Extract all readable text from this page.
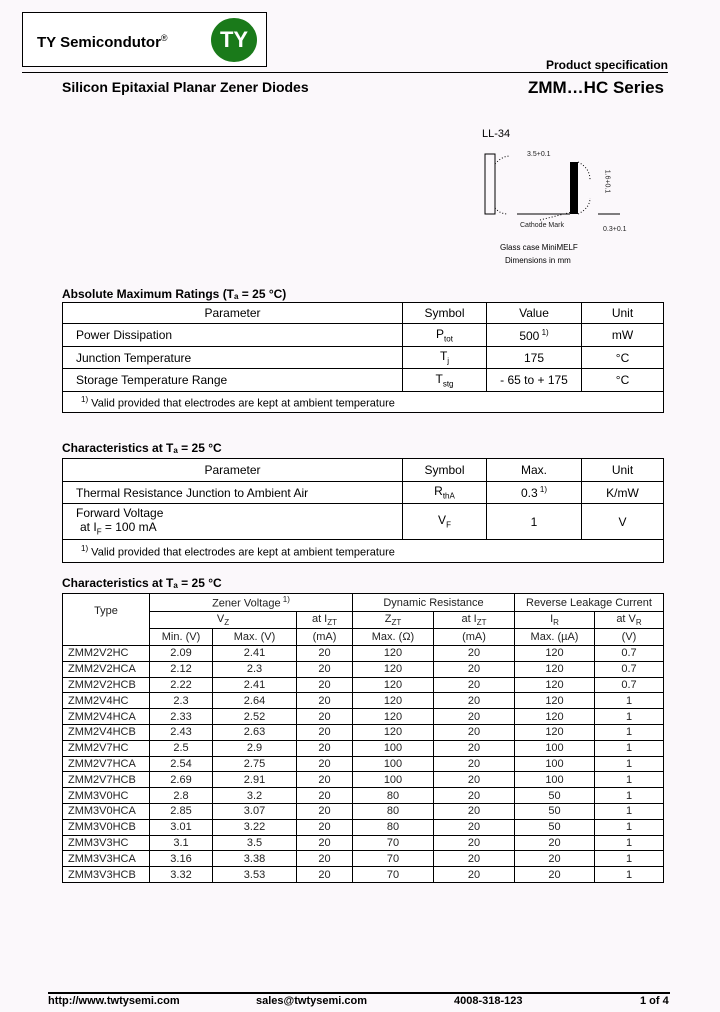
TY Semicondutor®	TY
Product specification
Silicon Epitaxial Planar Zener Diodes	ZMM…HC Series
LL-34
3.5+0.1
1.6+0.1
0.3+0.1
Cathode Mark
Glass case MiniMELF
Dimensions in mm
Absolute Maximum Ratings ($T_a = 25$ °C)
Parameter	Symbol	Value	Unit
Power Dissipation	$P_{tot}$	500 $^{1)}$	mW
Junction Temperature	$T_j$	175	°C
Storage Temperature Range	$T_{stg}$	- 65 to + 175	°C
$^{1)}$ Valid provided that electrodes are kept at ambient temperature			
Characteristics at $T_a = 25$ °C
Parameter	Symbol	Max.	Unit
Thermal Resistance Junction to Ambient Air	$R_{thA}$	0.3 $^{1)}$	K/mW

Forward Voltage
at $I_F = 100$ mA	$V_F$	1	V
$^{1)}$ Valid provided that electrodes are kept at ambient temperature			
Characteristics at $T_a = 25$ °C
Type	Zener Voltage $^{1)}$			Dynamic Resistance		Reverse Leakage Current	
	$V_Z$		at $I_{ZT}$	$Z_{ZT}$	at $I_{ZT}$	$I_R$	at $V_R$
	Min. (V)	Max. (V)	(mA)	Max. (Ω)	(mA)	Max. (µA)	(V)
ZMM2V2HC	2.09	2.41	20	120	20	120	0.7
ZMM2V2HCA	2.12	2.3	20	120	20	120	0.7
ZMM2V2HCB	2.22	2.41	20	120	20	120	0.7
ZMM2V4HC	2.3	2.64	20	120	20	120	1
ZMM2V4HCA	2.33	2.52	20	120	20	120	1
ZMM2V4HCB	2.43	2.63	20	120	20	120	1
ZMM2V7HC	2.5	2.9	20	100	20	100	1
ZMM2V7HCA	2.54	2.75	20	100	20	100	1
ZMM2V7HCB	2.69	2.91	20	100	20	100	1
ZMM3V0HC	2.8	3.2	20	80	20	50	1
ZMM3V0HCA	2.85	3.07	20	80	20	50	1
ZMM3V0HCB	3.01	3.22	20	80	20	50	1
ZMM3V3HC	3.1	3.5	20	70	20	20	1
ZMM3V3HCA	3.16	3.38	20	70	20	20	1
ZMM3V3HCB	3.32	3.53	20	70	20	20	1
http://www.twtysemi.com	sales@twtysemi.com	4008-318-123	1 of 4
